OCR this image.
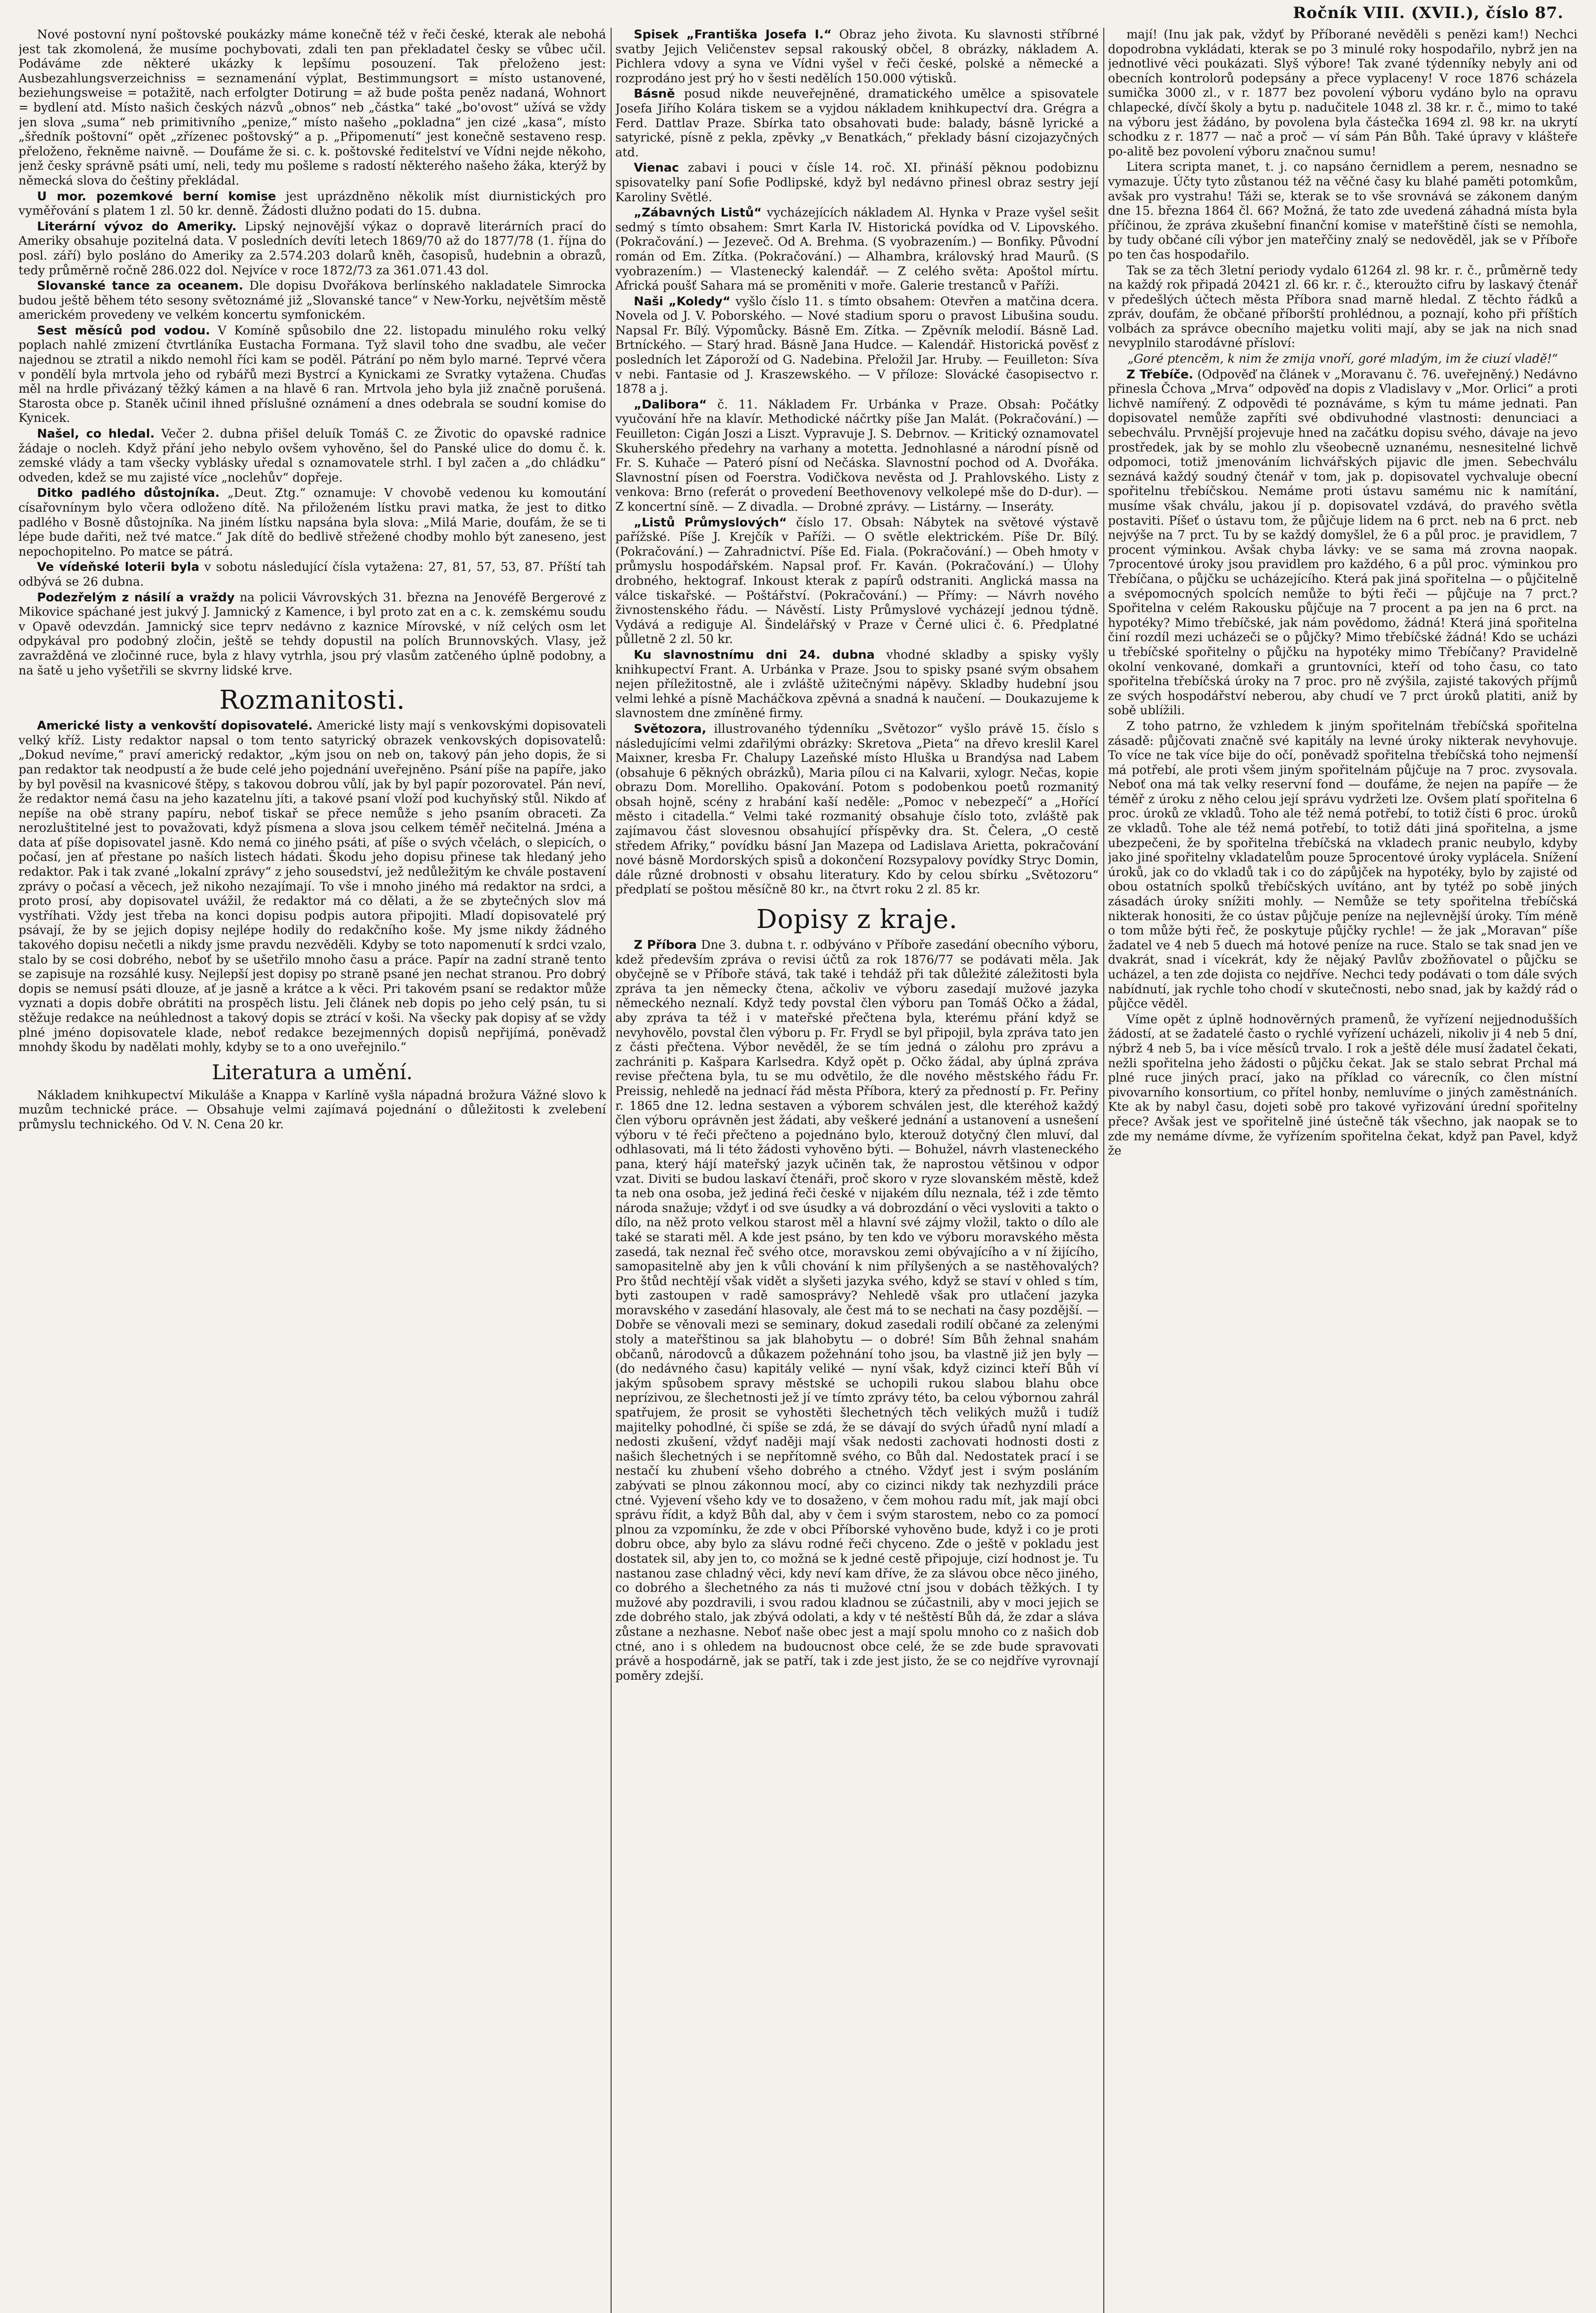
Ročník VIII. (XVII.), číslo 87.

Nové postovní nyní poštovské poukázky máme konečně též v řeči české, kterak ale nebohá jest tak zkomolená, že musíme pochybovati, zdali ten pan překladatel česky se vůbec učil. Podáváme zde některé ukázky k lepšímu posouzení. Tak přeloženo jest: Ausbezahlungsverzeichniss = seznamenání výplat, Bestimmungsort = místo ustanovené, beziehungsweise = potažitě, nach erfolgter Dotirung = až bude pošta peněz nadaná, Wohnort = bydlení atd. Místo našich českých názvů „obnos“ neb „částka“ také „bo'ovost“ užívá se vždy jen slova „suma“ neb primitivního „penize,“ místo našeho „pokladna“ jen cizé „kasa“, místo „šředník poštovní“ opět „zřízenec poštovský“ a p. „Připomenutí“ jest konečně sestaveno resp. přeloženo, řekněme naivně. — Doufáme že si. c. k. poštovské ředitelství ve Vídni nejde někoho, jenž česky správně psáti umí, neli, tedy mu pošleme s radostí některého našeho žáka, kterýž by německá slova do češtiny překládal.

U mor. pozemkové berní komise jest uprázdněno několik míst diurnistických pro vyměřování s platem 1 zl. 50 kr. denně. Žádosti dlužno podati do 15. dubna.

Literární vývoz do Ameriky. Lipský nejnovější výkaz o dopravě literárních prací do Ameriky obsahuje pozitelná data. V posledních devíti letech 1869/70 až do 1877/78 (1. října do posl. září) bylo posláno do Ameriky za 2.574.203 dolarů kněh, časopisů, hudebnin a obrazů, tedy průměrně ročně 286.022 dol. Nejvíce v roce 1872/73 za 361.071.43 dol.

Slovanské tance za oceanem. Dle dopisu Dvořákova berlínského nakladatele Simrocka budou ještě během této sesony světoznámé již „Slovanské tance“ v New-Yorku, největším městě americkém provedeny ve velkém koncertu symfonickém.

Sest měsíců pod vodou. V Komíně spůsobilo dne 22. listopadu minulého roku velký poplach nahlé zmizení čtvrtláníka Eustacha Formana. Tyž slavil toho dne svadbu, ale večer najednou se ztratil a nikdo nemohl říci kam se poděl. Pátrání po něm bylo marné. Teprvé včera v pondělí byla mrtvola jeho od rybářů mezi Bystrcí a Kynickami ze Svratky vytažena. Chuďas měl na hrdle přivázaný těžký kámen a na hlavě 6 ran. Mrtvola jeho byla již značně porušená. Starosta obce p. Staněk učinil ihned příslušné oznámení a dnes odebrala se soudní komise do Kynicek.

Našel, co hledal. Večer 2. dubna přišel deluík Tomáš C. ze Životic do opavské radnice žádaje o nocleh. Když přání jeho nebylo ovšem vyhověno, šel do Panské ulice do domu č. k. zemské vlády a tam všecky vyblásky uředal s oznamovatele strhl. I byl začen a „do chládku“ odveden, kdež se mu zajisté více „noclehův“ dopřeje.

Ditko padlého důstojníka. „Deut. Ztg.“ oznamuje: V chovobě vedenou ku komoutání císařovnínym bylo včera odloženo dítě. Na přiloženém lístku pravi matka, že jest to ditko padlého v Bosně důstojníka. Na jiném lístku napsána byla slova: „Milá Marie, doufám, že se ti lépe bude dařiti, než tvé matce.“ Jak dítě do bedlivě střežené chodby mohlo být zaneseno, jest nepochopitelno. Po matce se pátrá.

Ve vídeňské loterii byla v sobotu následující čísla vytažena: 27, 81, 57, 53, 87. Příští tah odbývá se 26 dubna.

Podezřelým z násilí a vraždy na policii Vávrovských 31. března na Jenovéfě Bergerové z Mikovice spáchané jest jukvý J. Jamnický z Kamence, i byl proto zat en a c. k. zemskému soudu v Opavě odevzdán. Jamnický sice teprv nedávno z kaznice Mírovské, v níž celých osm let odpykával pro podobný zločin, ještě se tehdy dopustil na polích Brunnovských. Vlasy, jež zavražděná ve zločinné ruce, byla z hlavy vytrhla, jsou prý vlasům zatčeného úplně podobny, a na šatě u jeho vyšetřili se skvrny lidské krve.

Rozmanitosti.

Americké listy a venkovští dopisovatelé. Americké listy mají s venkovskými dopisovateli velký kříž. Listy redaktor napsal o tom tento satyrický obrazek venkovských dopisovatelů: „Dokud nevíme,“ praví americký redaktor, „kým jsou on neb on, takový pán jeho dopis, že si pan redaktor tak neodpustí a že bude celé jeho pojednání uveřejněno. Psání píše na papíře, jako by byl pověsil na kvasnicové štěpy, s takovou dobrou vůlí, jak by byl papír pozorovatel. Pán neví, že redaktor nemá času na jeho kazatelnu jíti, a takové psaní vloží pod kuchyňský stůl. Nikdo ať nepíše na obě strany papíru, neboť tiskař se přece nemůže s jeho psaním obraceti. Za nerozluštitelné jest to považovati, když písmena a slova jsou celkem téměř nečitelná. Jména a data ať píše dopisovatel jasně. Kdo nemá co jiného psáti, ať píše o svých včelách, o slepicích, o počasí, jen ať přestane po naších listech hádati. Škodu jeho dopisu přinese tak hledaný jeho redaktor. Pak i tak zvané „lokalní zprávy“ z jeho sousedství, jež nedůležitým ke chvále postavení zprávy o počasí a věcech, jež nikoho nezajímají. To vše i mnoho jiného má redaktor na srdci, a proto prosí, aby dopisovatel uvážil, že redaktor má co dělati, a že se zbytečných slov má vystříhati. Vždy jest třeba na konci dopisu podpis autora připojiti. Mladí dopisovatelé prý psávají, že by se jejich dopisy nejlépe hodily do redakčního koše. My jsme nikdy žádného takového dopisu nečetli a nikdy jsme pravdu nezvěděli. Kdyby se toto napomenutí k srdci vzalo, stalo by se cosi dobrého, neboť by se ušetřilo mnoho času a práce. Papír na zadní straně tento se zapisuje na rozsáhlé kusy. Nejlepší jest dopisy po straně psané jen nechat stranou. Pro dobrý dopis se nemusí psáti dlouze, ať je jasně a krátce a k věci. Pri takovém psaní se redaktor může vyznati a dopis dobře obrátiti na prospěch listu. Jeli článek neb dopis po jeho celý psán, tu si stěžuje redakce na neúhlednost a takový dopis se ztrácí v koši. Na všecky pak dopisy ať se vždy plné jméno dopisovatele klade, neboť redakce bezejmenných dopisů nepřijímá, poněvadž mnohdy škodu by nadělati mohly, kdyby se to a ono uveřejnilo.“

Literatura a umění.

Nákladem knihkupectví Mikuláše a Knappa v Karlíně vyšla nápadná brožura Vážné slovo k muzům technické práce. — Obsahuje velmi zajímavá pojednání o důležitosti k zvelebení průmyslu technického. Od V. N. Cena 20 kr.

Spisek „Františka Josefa I.“ Obraz jeho života. Ku slavnosti stříbrné svatby Jejich Veličenstev sepsal rakouský občel, 8 obrázky, nákladem A. Pichlera vdovy a syna ve Vídni vyšel v řeči české, polské a německé a rozprodáno jest prý ho v šesti nedělích 150.000 výtisků.

Básně posud nikde neuveřejněné, dramatického umělce a spisovatele Josefa Jiřího Kolára tiskem se a vyjdou nákladem knihkupectví dra. Grégra a Ferd. Dattlav Praze. Sbírka tato obsahovati bude: balady, básně lyrické a satyrické, písně z pekla, zpěvky „v Benatkách,“ překlady básní cizojazyčných atd.

Vienac zabavi i pouci v čísle 14. roč. XI. přináší pěknou podobiznu spisovatelky paní Sofie Podlipské, když byl nedávno přinesl obraz sestry její Karoliny Světlé.

„Zábavných Listů“ vycházejících nákladem Al. Hynka v Praze vyšel sešit sedmý s tímto obsahem: Smrt Karla IV. Historická povídka od V. Lipovského. (Pokračování.) — Jezeveč. Od A. Brehma. (S vyobrazením.) — Bonfiky. Původní román od Em. Zítka. (Pokračování.) — Alhambra, královský hrad Maurů. (S vyobrazením.) — Vlastenecký kalendář. — Z celého světa: Apoštol mírtu. Africká poušť Sahara má se proměniti v moře. Galerie trestanců v Paříži.

Naši „Koledy“ vyšlo číslo 11. s tímto obsahem: Otevřen a matčina dcera. Novela od J. V. Poborského. — Nové stadium sporu o pravost Libušina soudu. Napsal Fr. Bílý. Výpomůcky. Básně Em. Zítka. — Zpěvník melodií. Básně Lad. Brtníckého. — Starý hrad. Básně Jana Hudce. — Kalendář. Historická pověsť z posledních let Záporoží od G. Nadebina. Přeložil Jar. Hruby. — Feuilleton: Síva v nebi. Fantasie od J. Kraszewského. — V příloze: Slovácké časopisectvo r. 1878 a j.

„Dalibora“ č. 11. Nákladem Fr. Urbánka v Praze. Obsah: Počátky vyučování hře na klavír. Methodické náčrtky píše Jan Malát. (Pokračování.) — Feuilleton: Cigán Joszi a Liszt. Vypravuje J. S. Debrnov. — Kritický oznamovatel Skuherského předehry na varhany a motetta. Jednohlasné a národní písně od Fr. S. Kuhače — Pateró písní od Nečáska. Slavnostní pochod od A. Dvořáka. Slavnostní písen od Foerstra. Vodičkova nevěsta od J. Prahlovského. Listy z venkova: Brno (referát o provedení Beethovenovy velkolepé mše do D-dur). — Z koncertní síně. — Z divadla. — Drobné zprávy. — Listárny. — Inseráty.

„Listů Průmyslových“ číslo 17. Obsah: Nábytek na světové výstavě pařížské. Píše J. Krejčík v Paříži. — O světle elektrickém. Píše Dr. Bílý. (Pokračování.) — Zahradnictví. Píše Ed. Fiala. (Pokračování.) — Obeh hmoty v průmyslu hospodářském. Napsal prof. Fr. Kaván. (Pokračování.) — Úlohy drobného, hektograf. Inkoust kterak z papírů odstraniti. Anglická massa na válce tiskařské. — Poštářství. (Pokračování.) — Přímy: — Návrh nového živnostenského řádu. — Návěstí. Listy Průmyslové vycházejí jednou týdně. Vydává a rediguje Al. Šindelářský v Praze v Černé ulici č. 6. Předplatné půlletně 2 zl. 50 kr.

Ku slavnostnímu dni 24. dubna vhodné skladby a spisky vyšly knihkupectví Frant. A. Urbánka v Praze. Jsou to spisky psané svým obsahem nejen příležitostně, ale i zvláště užitečnými nápěvy. Skladby hudební jsou velmi lehké a písně Macháčkova zpěvná a snadná k naučení. — Doukazujeme k slavnostem dne zmíněné firmy.

Světozora, illustrovaného týdenníku „Světozor“ vyšlo právě 15. číslo s následujícími velmi zdařilými obrázky: Skretova „Pieta“ na dřevo kreslil Karel Maixner, kresba Fr. Chalupy Lazeňské místo Hluška u Brandýsa nad Labem (obsahuje 6 pěkných obrázků), Maria pílou ci na Kalvarii, xylogr. Nečas, kopie obrazu Dom. Morelliho. Opakování. Potom s podobenkou poetů rozmanitý obsah hojně, scény z hrabání kaší neděle: „Pomoc v nebezpečí“ a „Hořící město i citadella.“ Velmi také rozmanitý obsahuje číslo toto, zvláště pak zajímavou část slovesnou obsahující příspěvky dra. St. Čelera, „O cestě středem Afriky,“ povídku básní Jan Mazepa od Ladislava Arietta, pokračování nové básně Mordorských spisů a dokončení Rozsypalovy povídky Stryc Domin, dále různé drobnosti v obsahu literatury. Kdo by celou sbírku „Světozoru“ předplatí se poštou měsíčně 80 kr., na čtvrt roku 2 zl. 85 kr.

Dopisy z kraje.

Z Příbora Dne 3. dubna t. r. odbýváno v Příboře zasedání obecního výboru, kdež především zpráva o revisi účtů za rok 1876/77 se podávati měla. Jak obyčejně se v Příboře stává, tak také i tehdáž při tak důležité záležitosti byla zpráva ta jen německy čtena, ačkoliv ve výboru zasedají mužové jazyka německého neznalí. Když tedy povstal člen výboru pan Tomáš Očko a žádal, aby zpráva ta též i v mateřské přečtena byla, kterému přání když se nevyhovělo, povstal člen výboru p. Fr. Frydl se byl připojil, byla zpráva tato jen z části přečtena. Výbor nevěděl, že se tím jedná o zálohu pro zprávu a zachrániti p. Kašpara Karlsedra. Když opět p. Očko žádal, aby úplná zpráva revise přečtena byla, tu se mu odvětilo, že dle nového městského řádu Fr. Preissig, nehledě na jednací řád města Příbora, který za předností p. Fr. Peřiny r. 1865 dne 12. ledna sestaven a výborem schválen jest, dle kteréhož každý člen výboru oprávněn jest žádati, aby veškeré jednání a ustanovení a usnešení výboru v té řeči přečteno a pojednáno bylo, kterouž dotyčný člen mluví, dal odhlasovati, má li této žádosti vyhověno býti. — Bohužel, návrh vlasteneckého pana, který hájí mateřský jazyk učiněn tak, že naprostou většinou v odpor vzat. Diviti se budou laskaví čtenáři, proč skoro v ryze slovanském městě, kdež ta neb ona osoba, jež jediná řeči české v nijakém dílu neznala, též i zde těmto národa snažuje; vždyť i od sve úsudky a vá dobrozdání o věci vysloviti a takto o dílo, na něž proto velkou starost měl a hlavní své zájmy vložil, takto o dílo ale také se starati měl. A kde jest psáno, by ten kdo ve výboru moravského města zasedá, tak neznal řeč svého otce, moravskou zemi obývajícího a v ní žijícího, samopasitelně aby jen k vůli chování k nim přílyšených a se nastěhovalých? Pro štůd nechtějí však vidět a slyšeti jazyka svého, když se staví v ohled s tím, byti zastoupen v radě samosprávy? Nehledě však pro utlačení jazyka moravského v zasedání hlasovaly, ale čest má to se nechati na časy pozdější. — Dobře se věnovali mezi se seminary, dokud zasedali rodilí občané za zelenými stoly a mateřštinou sa jak blahobytu — o dobré! Sím Bůh žehnal snahám občanů, národovců a důkazem požehnání toho jsou, ba vlastně již jen byly — (do nedávného času) kapitály veliké — nyní však, když cizinci kteří Bůh ví jakým spůsobem spravy městské se uchopili rukou slabou blahu obce neprízivou, ze šlechetnosti jež jí ve tímto zprávy této, ba celou výbornou zahrál spatřujem, že prosit se vyhostěti šlechetných těch velikých mužů i tudíž majitelky pohodlné, či spíše se zdá, že se dávají do svých úřadů nyní mladí a nedosti zkušení, vždyť naději mají však nedosti zachovati hodnosti dosti z našich šlechetných i se nepřítomně svého, co Bůh dal. Nedostatek prací i se nestačí ku zhubení všeho dobrého a ctného. Vždyť jest i svým posláním zabývati se plnou zákonnou mocí, aby co cizinci nikdy tak nezhyzdili práce ctné. Vyjevení všeho kdy ve to dosaženo, v čem mohou radu mít, jak mají obci správu řídit, a když Bůh dal, aby v čem i svým starostem, nebo co za pomocí plnou za vzpomínku, že zde v obci Příborské vyhověno bude, když i co je proti dobru obce, aby bylo za slávu rodné řeči chyceno. Zde o ještě v pokladu jest dostatek sil, aby jen to, co možná se k jedné cestě připojuje, cizí hodnost je. Tu nastanou zase chladný věci, kdy neví kam dříve, že za slávou obce něco jiného, co dobrého a šlechetného za nás ti mužové ctní jsou v dobách těžkých. I ty mužové aby pozdravili, i svou radou kladnou se zúčastnili, aby v moci jejich se zde dobrého stalo, jak zbývá odolati, a kdy v té neštěstí Bůh dá, že zdar a sláva zůstane a nezhasne. Neboť naše obec jest a mají spolu mnoho co z našich dob ctné, ano i s ohledem na budoucnost obce celé, že se zde bude spravovati právě a hospodárně, jak se patří, tak i zde jest jisto, že se co nejdříve vyrovnají poměry zdejší.

mají! (Inu jak pak, vždyť by Příborané nevěděli s penězi kam!) Nechci dopodrobna vykládati, kterak se po 3 minulé roky hospodařilo, nybrž jen na jednotlivé věci poukázati. Slyš výbore! Tak zvané týdenníky nebyly ani od obecních kontrolorů podepsány a přece vyplaceny! V roce 1876 scházela sumička 3000 zl., v r. 1877 bez povolení výboru vydáno bylo na opravu chlapecké, dívčí školy a bytu p. nadučitele 1048 zl. 38 kr. r. č., mimo to také na výboru jest žádáno, by povolena byla částečka 1694 zl. 98 kr. na ukrytí schodku z r. 1877 — nač a proč — ví sám Pán Bůh. Také úpravy v klášteře po-alitě bez povolení výboru značnou sumu!

Litera scripta manet, t. j. co napsáno černidlem a perem, nesnadno se vymazuje. Účty tyto zůstanou též na věčné časy ku blahé paměti potomkům, avšak pro vystrahu! Táži se, kterak se to vše srovnává se zákonem daným dne 15. března 1864 čl. 66? Možná, že tato zde uvedená záhadná místa byla příčinou, že zpráva zkušební finanční komise v mateřštině čísti se nemohla, by tudy občané cíli výbor jen mateřčiny znalý se nedověděl, jak se v Příboře po ten čas hospodařilo.

Tak se za těch 3letní periody vydalo 61264 zl. 98 kr. r. č., průměrně tedy na každý rok připadá 20421 zl. 66 kr. r. č., kteroužto cifru by laskavý čtenář v předešlých účtech města Příbora snad marně hledal. Z těchto řádků a zpráv, doufám, že občané příborští prohlédnou, a poznají, koho při příštích volbách za správce obecního majetku voliti mají, aby se jak na nich snad nevyplnilo starodávné přísloví:

„Goré ptencěm, k nim že zmija vnoří, goré mladým, im že ciuzí vladě!“

Z Třebíče. (Odpověď na článek v „Moravanu č. 76. uveřejněný.) Nedávno přinesla Čchova „Mrva“ odpověď na dopis z Vladislavy v „Mor. Orlici“ a proti lichvě namířený. Z odpovědi té poznáváme, s kým tu máme jednati. Pan dopisovatel nemůže zapříti své obdivuhodné vlastnosti: denunciaci a sebechválu. Prvnější projevuje hned na začátku dopisu svého, dávaje na jevo prostředek, jak by se mohlo zlu všeobecně uznanému, nesnesitelné lichvě odpomoci, totiž jmenováním lichvářských pijavic dle jmen. Sebechválu seznává každý soudný čtenář v tom, jak p. dopisovatel vychvaluje obecní spořitelnu třebíčskou. Nemáme proti ústavu samému nic k namítání, musíme však chválu, jakou jí p. dopisovatel vzdává, do pravého světla postaviti. Píšeť o ústavu tom, že půjčuje lidem na 6 prct. neb na 6 prct. neb nejvýše na 7 prct. Tu by se každý domyšlel, že 6 a půl proc. je pravidlem, 7 procent výminkou. Avšak chyba lávky: ve se sama má zrovna naopak. 7procentové úroky jsou pravidlem pro každého, 6 a půl proc. výminkou pro Třebíčana, o půjčku se ucházejícího. Která pak jiná spořitelna — o půjčitelně a svépomocných spolcích nemůže to býti řeči — půjčuje na 7 prct.? Spořitelna v celém Rakousku půjčuje na 7 procent a pa jen na 6 prct. na hypotéky? Mimo třebíčské, jak nám povědomo, žádná! Která jiná spořitelna činí rozdíl mezi ucházeči se o půjčky? Mimo třebíčské žádná! Kdo se ucházi u třebíčské spořitelny o půjčku na hypotéky mimo Třebíčany? Pravidelně okolní venkované, domkaři a gruntovníci, kteří od toho času, co tato spořitelna třebíčská úroky na 7 proc. pro ně zvýšila, zajisté takových příjmů ze svých hospodářství neberou, aby chudí ve 7 prct úroků platiti, aniž by sobě ublížili.

Z toho patrno, že vzhledem k jiným spořitelnám třebíčská spořitelna zásadě: půjčovati značně své kapitály na levné úroky nikterak nevyhovuje. To více ne tak více bije do očí, poněvadž spořitelna třebíčská toho nejmenší má potřebí, ale proti všem jiným spořitelnám půjčuje na 7 proc. zvysovala. Neboť ona má tak velky reservní fond — doufáme, že nejen na papíře — že téměř z úroku z něho celou její správu vydržeti lze. Ovšem platí spořitelna 6 proc. úroků ze vkladů. Toho ale též nemá potřebí, to totiž čísti 6 proc. úroků ze vkladů. Tohe ale též nemá potřebí, to totiž dáti jiná spořitelna, a jsme ubezpečeni, že by spořitelna třebíčská na vkladech pranic neubylo, kdyby jako jiné spořitelny vkladatelům pouze 5procentové úroky vyplácela. Snížení úroků, jak co do vkladů tak i co do zápůjček na hypotéky, bylo by zajisté od obou ostatních spolků třebíčských uvítáno, ant by tytéž po sobě jiných zásadách úroky snížiti mohly. — Nemůže se tety spořitelna třebíčská nikterak honositi, že co ústav půjčuje peníze na nejlevnější úroky. Tím méně o tom může býti řeč, že poskytuje půjčky rychle! — že jak „Moravan“ píše žadatel ve 4 neb 5 duech má hotové peníze na ruce. Stalo se tak snad jen ve dvakrát, snad i vícekrát, kdy že nějaký Pavlův zbožňovatel o půjčku se ucházel, a ten zde dojista co nejdříve. Nechci tedy podávati o tom dále svých nabídnutí, jak rychle toho chodí v skutečnosti, nebo snad, jak by každý rád o půjčce věděl.

Víme opět z úplně hodnověrných pramenů, že vyřízení nejjednodušších žádostí, at se žadatelé často o rychlé vyřízení ucházeli, nikoliv ji 4 neb 5 dní, nýbrž 4 neb 5, ba i více měsíců trvalo. I rok a ještě déle musí žadatel čekati, nežli spořitelna jeho žádosti o půjčku čekat. Jak se stalo sebrat Prchal má plné ruce jiných prací, jako na příklad co várecník, co člen místní pivovarního konsortium, co přítel honby, nemluvíme o jiných zaměstnáních. Kte ak by nabyl času, dojeti sobě pro takové vyřizování úrední spořitelny přece? Avšak jest ve spořitelně jiné ústečně ták všechno, jak naopak se to zde my nemáme dívme, že vyřízením spořitelna čekat, když pan Pavel, když že
